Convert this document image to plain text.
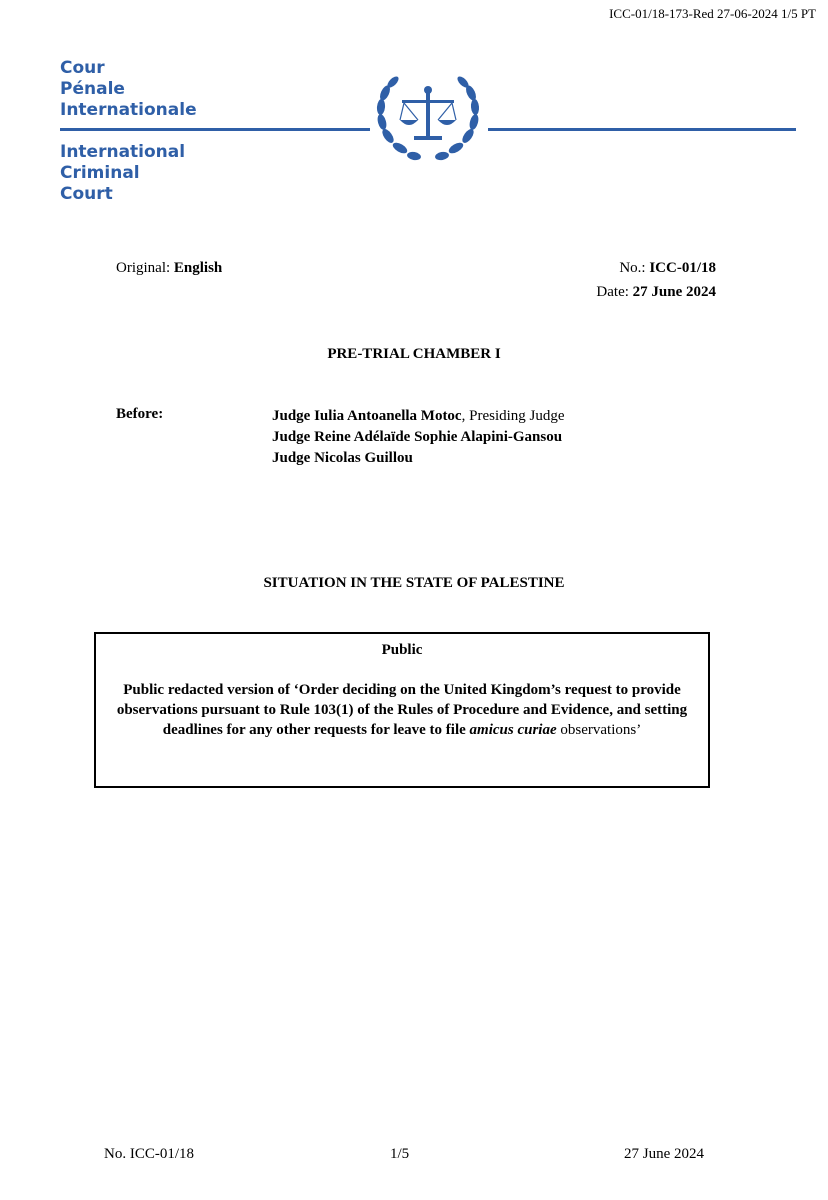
ICC-01/18-173-Red 27-06-2024 1/5 PT
Cour
Pénale
Internationale
International
Criminal
Court
Original: English	No.: ICC-01/18
Date: 27 June 2024
PRE-TRIAL CHAMBER I
Before:	Judge Iulia Antoanella Motoc, Presiding Judge
Judge Reine Adélaïde Sophie Alapini-Gansou
Judge Nicolas Guillou
SITUATION IN THE STATE OF PALESTINE
Public
Public redacted version of ‘Order deciding on the United Kingdom’s request to provide observations pursuant to Rule 103(1) of the Rules of Procedure and Evidence, and setting deadlines for any other requests for leave to file amicus curiae observations’
No. ICC-01/18	1/5	27 June 2024
